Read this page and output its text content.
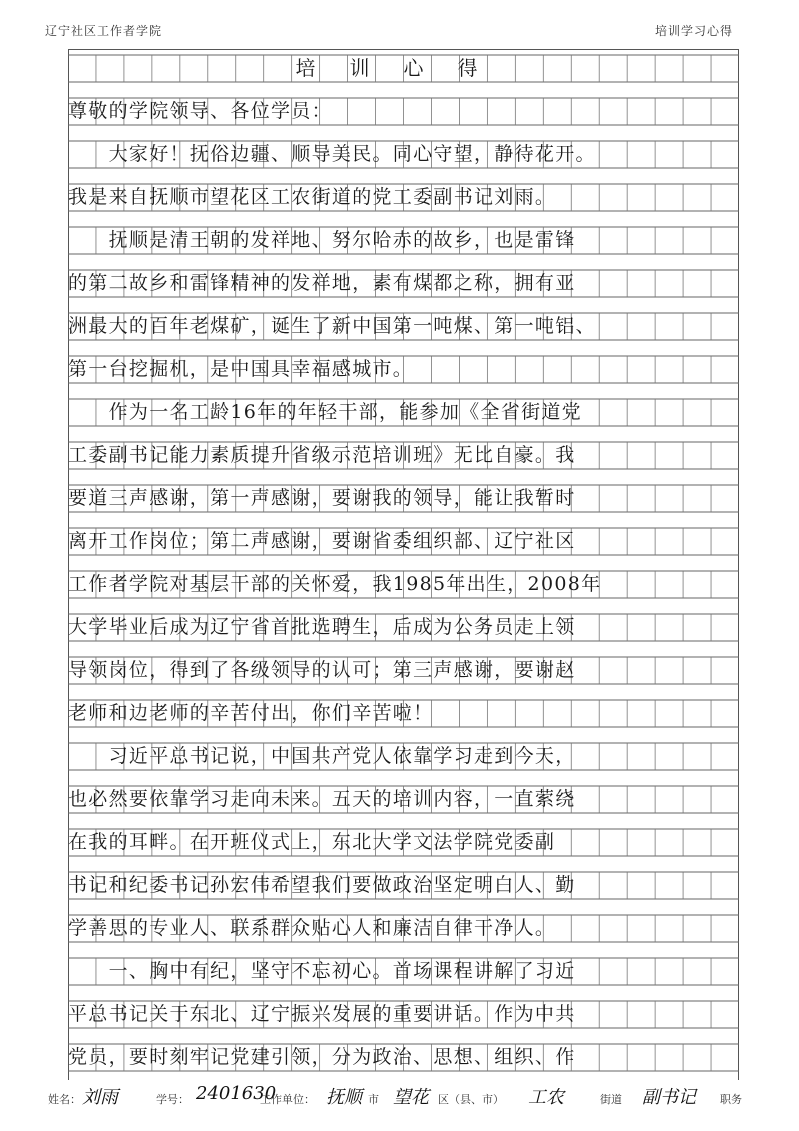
辽宁社区工作者学院	培训学习心得
培训心得
尊敬的学院领导、各位学员：
　　大家好！抚俗边疆、顺导美民。同心守望，静待花开。
我是来自抚顺市望花区工农街道的党工委副书记刘雨。
　　抚顺是清王朝的发祥地、努尔哈赤的故乡，也是雷锋
的第二故乡和雷锋精神的发祥地，素有煤都之称，拥有亚
洲最大的百年老煤矿，诞生了新中国第一吨煤、第一吨铝、
第一台挖掘机，是中国具幸福感城市。
　　作为一名工龄16年的年轻干部，能参加《全省街道党
工委副书记能力素质提升省级示范培训班》无比自豪。我
要道三声感谢，第一声感谢，要谢我的领导，能让我暂时
离开工作岗位；第二声感谢，要谢省委组织部、辽宁社区
工作者学院对基层干部的关怀爱，我1985年出生，2008年
大学毕业后成为辽宁省首批选聘生，后成为公务员走上领
导领岗位，得到了各级领导的认可；第三声感谢，要谢赵
老师和边老师的辛苦付出，你们辛苦啦！
　　习近平总书记说，中国共产党人依靠学习走到今天，
也必然要依靠学习走向未来。五天的培训内容，一直萦绕
在我的耳畔。在开班仪式上，东北大学文法学院党委副
书记和纪委书记孙宏伟希望我们要做政治坚定明白人、勤
学善思的专业人、联系群众贴心人和廉洁自律干净人。
　　一、胸中有纪，坚守不忘初心。首场课程讲解了习近
平总书记关于东北、辽宁振兴发展的重要讲话。作为中共
党员，要时刻牢记党建引领，分为政治、思想、组织、作
姓名： 刘雨	学号： 2401630
工作单位： 抚顺 市 望花 区（县、市） 工农	街道 副书记 职务
